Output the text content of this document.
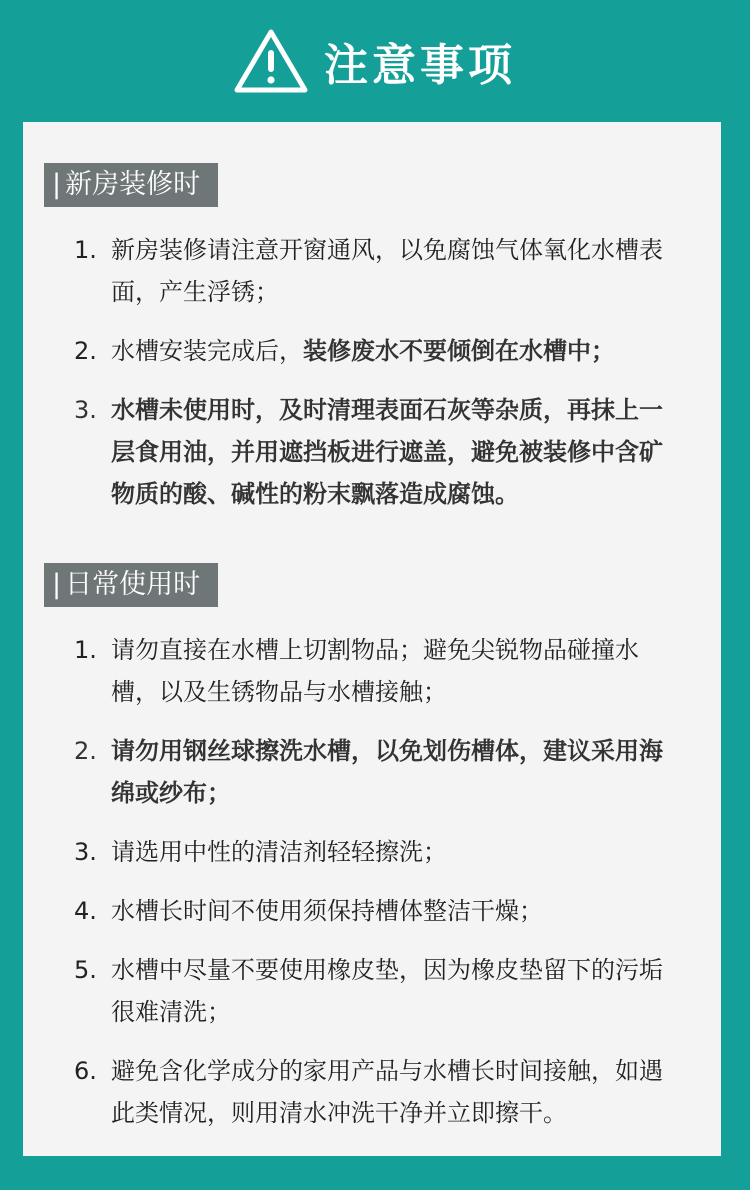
注意事项
| 新房装修时
1. 新房装修请注意开窗通风，以免腐蚀气体氧化水槽表面，产生浮锈；
2. 水槽安装完成后，装修废水不要倾倒在水槽中；
3. 水槽未使用时，及时清理表面石灰等杂质，再抹上一层食用油，并用遮挡板进行遮盖，避免被装修中含矿物质的酸、碱性的粉末飘落造成腐蚀。
| 日常使用时
1. 请勿直接在水槽上切割物品；避免尖锐物品碰撞水槽，以及生锈物品与水槽接触；
2. 请勿用钢丝球擦洗水槽，以免划伤槽体，建议采用海绵或纱布；
3. 请选用中性的清洁剂轻轻擦洗；
4. 水槽长时间不使用须保持槽体整洁干燥；
5. 水槽中尽量不要使用橡皮垫，因为橡皮垫留下的污垢很难清洗；
6. 避免含化学成分的家用产品与水槽长时间接触，如遇此类情况，则用清水冲洗干净并立即擦干。
